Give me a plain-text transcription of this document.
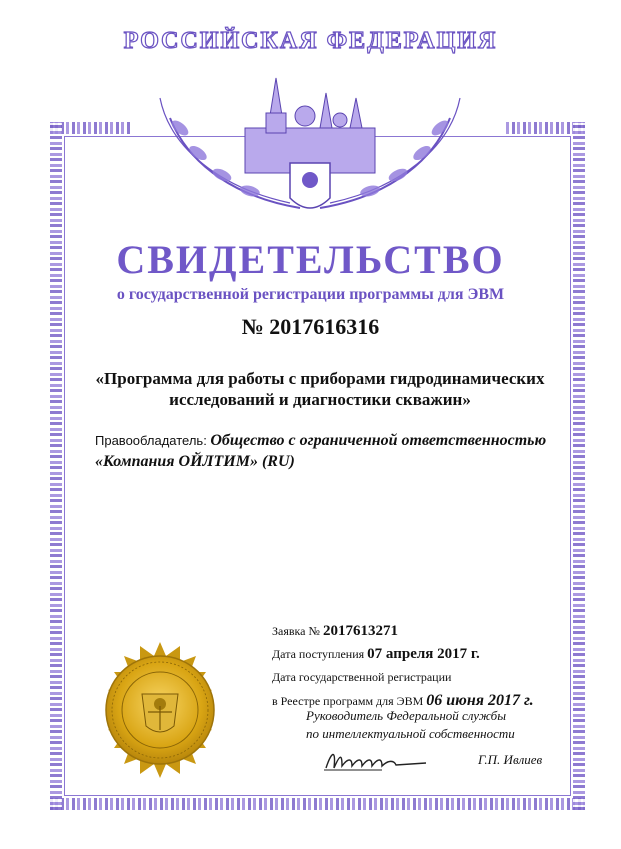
РОССИЙСКАЯ ФЕДЕРАЦИЯ
СВИДЕТЕЛЬСТВО
о государственной регистрации программы для ЭВМ
№ 2017616316
«Программа для работы с приборами гидродинамических
исследований и диагностики скважин»
Правообладатель: Общество с ограниченной ответственностью
«Компания ОЙЛТИМ» (RU)
Заявка № 2017613271
Дата поступления 07 апреля 2017 г.
Дата государственной регистрации
в Реестре программ для ЭВМ 06 июня 2017 г.
Руководитель Федеральной службы
по интеллектуальной собственности
Г.П. Ивлиев
